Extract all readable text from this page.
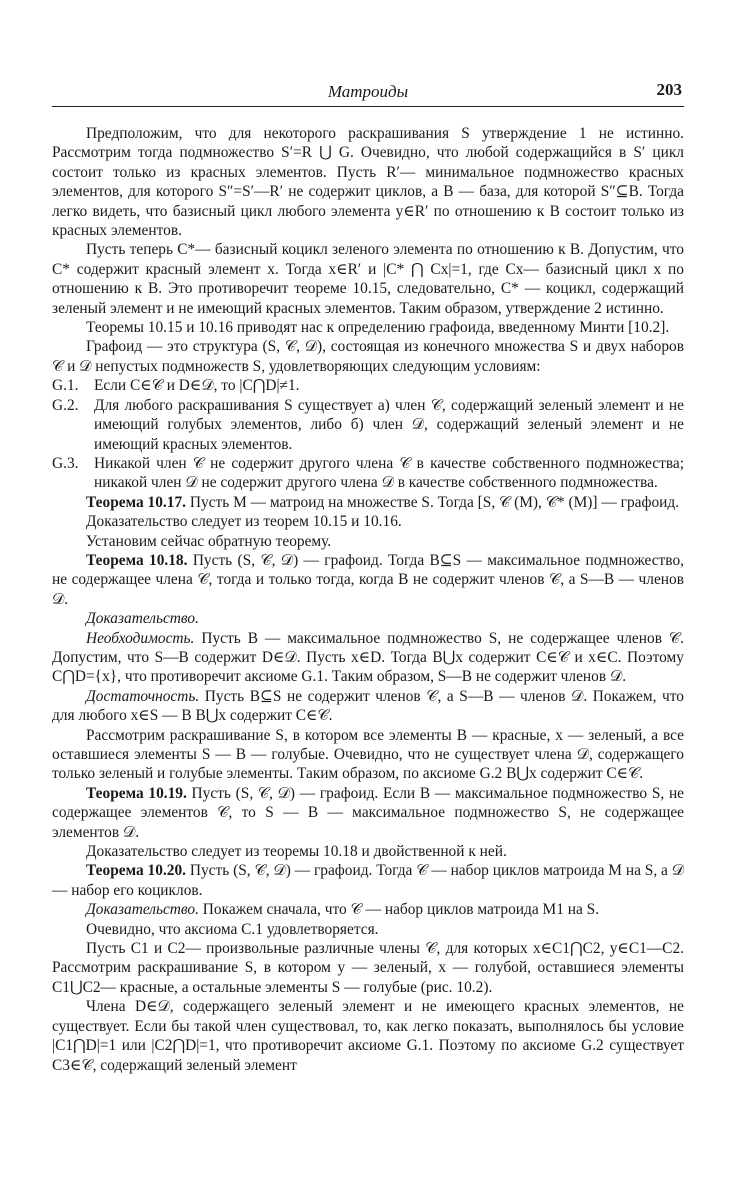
Матроиды	203

Предположим, что для некоторого раскрашивания S утверждение 1 не истинно. Рассмотрим тогда подмножество S′=R ⋃ G. Очевидно, что любой содержащийся в S′ цикл состоит только из красных элементов. Пусть R′— минимальное подмножество красных элементов, для которого S″=S′—R′ не содержит циклов, а B — база, для которой S″⊆B. Тогда легко видеть, что базисный цикл любого элемента y∈R′ по отношению к B состоит только из красных элементов.

Пусть теперь C*— базисный коцикл зеленого элемента по отношению к B. Допустим, что C* содержит красный элемент x. Тогда x∈R′ и |C* ⋂ Cx|=1, где Cx— базисный цикл x по отношению к B. Это противоречит теореме 10.15, следовательно, C* — коцикл, содержащий зеленый элемент и не имеющий красных элементов. Таким образом, утверждение 2 истинно.

Теоремы 10.15 и 10.16 приводят нас к определению графоида, введенному Минти [10.2].

Графоид — это структура (S, 𝒞, 𝒟), состоящая из конечного множества S и двух наборов 𝒞 и 𝒟 непустых подмножеств S, удовлетворяющих следующим условиям:

G.1.	Если C∈𝒞 и D∈𝒟, то |C⋂D|≠1.
G.2.	Для любого раскрашивания S существует а) член 𝒞, содержащий зеленый элемент и не имеющий голубых элементов, либо б) член 𝒟, содержащий зеленый элемент и не имеющий красных элементов.
G.3.	Никакой член 𝒞 не содержит другого члена 𝒞 в качестве собственного подмножества; никакой член 𝒟 не содержит другого члена 𝒟 в качестве собственного подмножества.

Теорема 10.17. Пусть M — матроид на множестве S. Тогда [S, 𝒞 (M), 𝒞* (M)] — графоид.

Доказательство следует из теорем 10.15 и 10.16.

Установим сейчас обратную теорему.

Теорема 10.18. Пусть (S, 𝒞, 𝒟) — графоид. Тогда B⊆S — максимальное подмножество, не содержащее члена 𝒞, тогда и только тогда, когда B не содержит членов 𝒞, а S—B — членов 𝒟.

Доказательство.

Необходимость. Пусть B — максимальное подмножество S, не содержащее членов 𝒞. Допустим, что S—B содержит D∈𝒟. Пусть x∈D. Тогда B⋃x содержит C∈𝒞 и x∈C. Поэтому C⋂D={x}, что противоречит аксиоме G.1. Таким образом, S—B не содержит членов 𝒟.

Достаточность. Пусть B⊆S не содержит членов 𝒞, а S—B — членов 𝒟. Покажем, что для любого x∈S — B B⋃x содержит C∈𝒞.

Рассмотрим раскрашивание S, в котором все элементы B — красные, x — зеленый, а все оставшиеся элементы S — B — голубые. Очевидно, что не существует члена 𝒟, содержащего только зеленый и голубые элементы. Таким образом, по аксиоме G.2 B⋃x содержит C∈𝒞.

Теорема 10.19. Пусть (S, 𝒞, 𝒟) — графоид. Если B — максимальное подмножество S, не содержащее элементов 𝒞, то S — B — максимальное подмножество S, не содержащее элементов 𝒟.

Доказательство следует из теоремы 10.18 и двойственной к ней.

Теорема 10.20. Пусть (S, 𝒞, 𝒟) — графоид. Тогда 𝒞 — набор циклов матроида M на S, а 𝒟 — набор его коциклов.

Доказательство. Покажем сначала, что 𝒞 — набор циклов матроида M1 на S.

Очевидно, что аксиома C.1 удовлетворяется.

Пусть C1 и C2— произвольные различные члены 𝒞, для которых x∈C1⋂C2, y∈C1—C2. Рассмотрим раскрашивание S, в котором y — зеленый, x — голубой, оставшиеся элементы C1⋃C2— красные, а остальные элементы S — голубые (рис. 10.2).

Члена D∈𝒟, содержащего зеленый элемент и не имеющего красных элементов, не существует. Если бы такой член существовал, то, как легко показать, выполнялось бы условие |C1⋂D|=1 или |C2⋂D|=1, что противоречит аксиоме G.1. Поэтому по аксиоме G.2 существует C3∈𝒞, содержащий зеленый элемент
